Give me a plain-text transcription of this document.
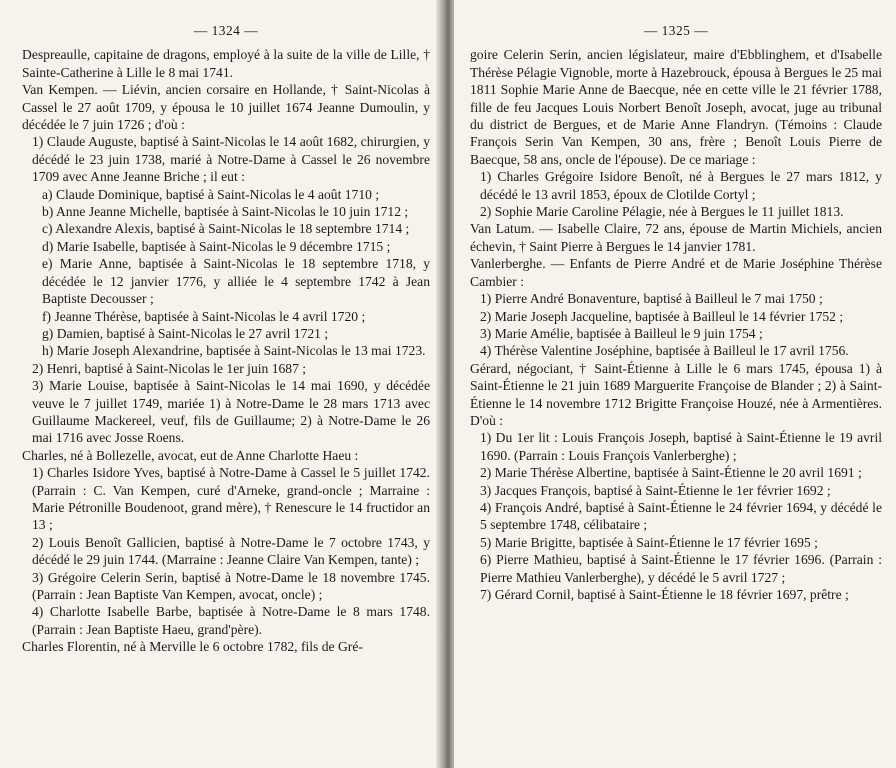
— 1324 —

Despreaulle, capitaine de dragons, employé à la suite de la ville de Lille, † Sainte-Catherine à Lille le 8 mai 1741.

Van Kempen. — Liévin, ancien corsaire en Hollande, † Saint-Nicolas à Cassel le 27 août 1709, y épousa le 10 juillet 1674 Jeanne Dumoulin, y décédée le 7 juin 1726 ; d'où :

1) Claude Auguste, baptisé à Saint-Nicolas le 14 août 1682, chirurgien, y décédé le 23 juin 1738, marié à Notre-Dame à Cassel le 26 novembre 1709 avec Anne Jeanne Briche ; il eut :

a) Claude Dominique, baptisé à Saint-Nicolas le 4 août 1710 ;

b) Anne Jeanne Michelle, baptisée à Saint-Nicolas le 10 juin 1712 ;

c) Alexandre Alexis, baptisé à Saint-Nicolas le 18 septembre 1714 ;

d) Marie Isabelle, baptisée à Saint-Nicolas le 9 décembre 1715 ;

e) Marie Anne, baptisée à Saint-Nicolas le 18 septembre 1718, y décédée le 12 janvier 1776, y alliée le 4 septembre 1742 à Jean Baptiste Decousser ;

f) Jeanne Thérèse, baptisée à Saint-Nicolas le 4 avril 1720 ;

g) Damien, baptisé à Saint-Nicolas le 27 avril 1721 ;

h) Marie Joseph Alexandrine, baptisée à Saint-Nicolas le 13 mai 1723.

2) Henri, baptisé à Saint-Nicolas le 1er juin 1687 ;

3) Marie Louise, baptisée à Saint-Nicolas le 14 mai 1690, y décédée veuve le 7 juillet 1749, mariée 1) à Notre-Dame le 28 mars 1713 avec Guillaume Mackereel, veuf, fils de Guillaume; 2) à Notre-Dame le 26 mai 1716 avec Josse Roens.

Charles, né à Bollezelle, avocat, eut de Anne Charlotte Haeu :

1) Charles Isidore Yves, baptisé à Notre-Dame à Cassel le 5 juillet 1742. (Parrain : C. Van Kempen, curé d'Arneke, grand-oncle ; Marraine : Marie Pétronille Boudenoot, grand mère), † Renescure le 14 fructidor an 13 ;

2) Louis Benoît Gallicien, baptisé à Notre-Dame le 7 octobre 1743, y décédé le 29 juin 1744. (Marraine : Jeanne Claire Van Kempen, tante) ;

3) Grégoire Celerin Serin, baptisé à Notre-Dame le 18 novembre 1745. (Parrain : Jean Baptiste Van Kempen, avocat, oncle) ;

4) Charlotte Isabelle Barbe, baptisée à Notre-Dame le 8 mars 1748. (Parrain : Jean Baptiste Haeu, grand'père).

Charles Florentin, né à Merville le 6 octobre 1782, fils de Gré-

— 1325 —

goire Celerin Serin, ancien législateur, maire d'Ebblinghem, et d'Isabelle Thérèse Pélagie Vignoble, morte à Hazebrouck, épousa à Bergues le 25 mai 1811 Sophie Marie Anne de Baecque, née en cette ville le 21 février 1788, fille de feu Jacques Louis Norbert Benoît Joseph, avocat, juge au tribunal du district de Bergues, et de Marie Anne Flandryn. (Témoins : Claude François Serin Van Kempen, 30 ans, frère ; Benoît Louis Pierre de Baecque, 58 ans, oncle de l'épouse). De ce mariage :

1) Charles Grégoire Isidore Benoît, né à Bergues le 27 mars 1812, y décédé le 13 avril 1853, époux de Clotilde Cortyl ;

2) Sophie Marie Caroline Pélagie, née à Bergues le 11 juillet 1813.

Van Latum. — Isabelle Claire, 72 ans, épouse de Martin Michiels, ancien échevin, † Saint Pierre à Bergues le 14 janvier 1781.

Vanlerberghe. — Enfants de Pierre André et de Marie Joséphine Thérèse Cambier :

1) Pierre André Bonaventure, baptisé à Bailleul le 7 mai 1750 ;

2) Marie Joseph Jacqueline, baptisée à Bailleul le 14 février 1752 ;

3) Marie Amélie, baptisée à Bailleul le 9 juin 1754 ;

4) Thérèse Valentine Joséphine, baptisée à Bailleul le 17 avril 1756.

Gérard, négociant, † Saint-Étienne à Lille le 6 mars 1745, épousa 1) à Saint-Étienne le 21 juin 1689 Marguerite Françoise de Blander ; 2) à Saint-Étienne le 14 novembre 1712 Brigitte Françoise Houzé, née à Armentières. D'où :

1) Du 1er lit : Louis François Joseph, baptisé à Saint-Étienne le 19 avril 1690. (Parrain : Louis François Vanlerberghe) ;

2) Marie Thérèse Albertine, baptisée à Saint-Étienne le 20 avril 1691 ;

3) Jacques François, baptisé à Saint-Étienne le 1er février 1692 ;

4) François André, baptisé à Saint-Étienne le 24 février 1694, y décédé le 5 septembre 1748, célibataire ;

5) Marie Brigitte, baptisée à Saint-Étienne le 17 février 1695 ;

6) Pierre Mathieu, baptisé à Saint-Étienne le 17 février 1696. (Parrain : Pierre Mathieu Vanlerberghe), y décédé le 5 avril 1727 ;

7) Gérard Cornil, baptisé à Saint-Étienne le 18 février 1697, prêtre ;
